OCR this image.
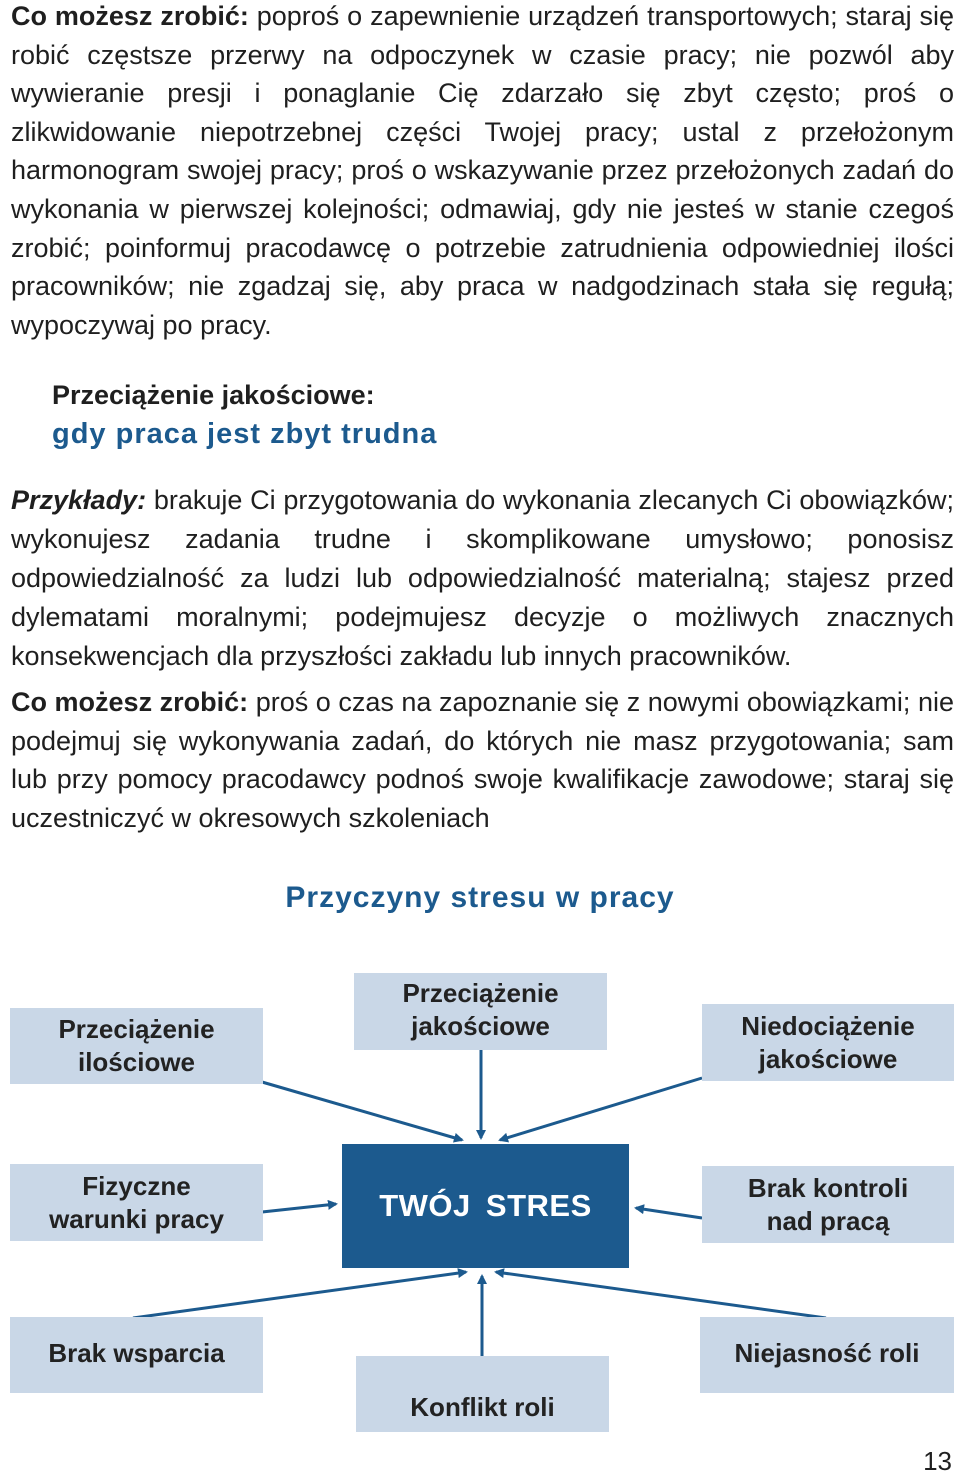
Co możesz zrobić: poproś o zapewnienie urządzeń transportowych; staraj się robić częstsze przerwy na odpoczynek w czasie pracy; nie pozwól aby wywieranie presji i ponaglanie Cię zdarzało się zbyt często; proś o zlikwidowanie niepotrzebnej części Twojej pracy; ustal z przełożonym harmonogram swojej pracy; proś o wskazywanie przez przełożonych zadań do wykonania w pierwszej kolejności; odmawiaj, gdy nie jesteś w stanie czegoś zrobić; poinformuj pracodawcę o potrzebie zatrudnienia odpowiedniej ilości pracowników; nie zgadzaj się, aby praca w nadgodzinach stała się regułą; wypoczywaj po pracy.

Przeciążenie jakościowe:
gdy praca jest zbyt trudna

Przykłady: brakuje Ci przygotowania do wykonania zlecanych Ci obowiązków; wykonujesz zadania trudne i skomplikowane umysłowo; ponosisz odpowiedzialność za ludzi lub odpowiedzialność materialną; stajesz przed dylematami moralnymi; podejmujesz decyzje o możliwych znacznych konsekwencjach dla przyszłości zakładu lub innych pracowników.

Co możesz zrobić: proś o czas na zapoznanie się z nowymi obowiązkami; nie podejmuj się wykonywania zadań, do których nie masz przygotowania; sam lub przy pomocy pracodawcy podnoś swoje kwalifikacje zawodowe; staraj się uczestniczyć w okresowych szkoleniach

Przyczyny stresu w pracy
Przeciążenie
ilościowe
Przeciążenie
jakościowe	Niedociążenie
jakościowe
Fizyczne
warunki pracy	TWÓJ STRES
Brak kontroli
nad pracą
Brak wsparcia
Konflikt roli
Niejasność roli
13
